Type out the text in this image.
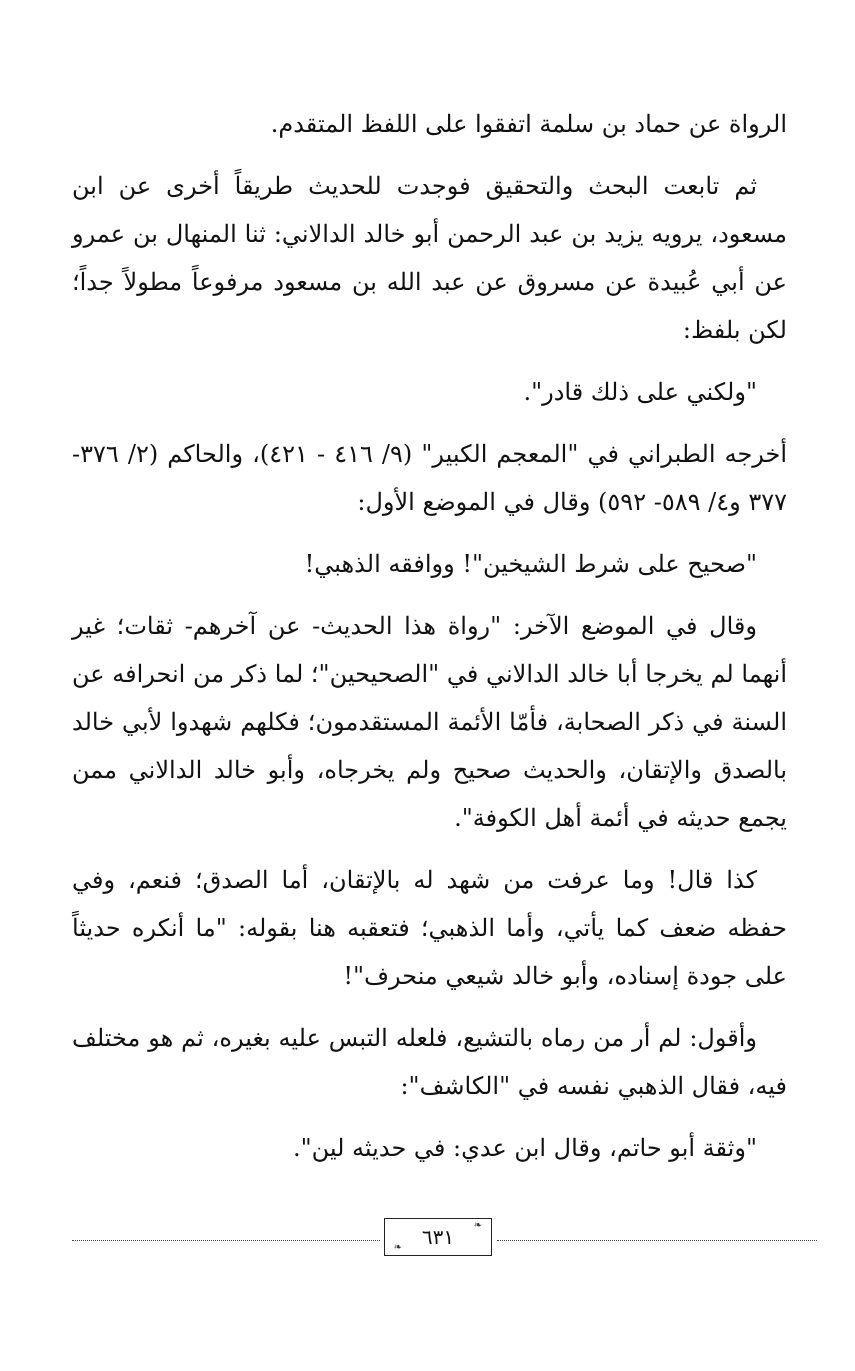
الرواة عن حماد بن سلمة اتفقوا على اللفظ المتقدم.

ثم تابعت البحث والتحقيق فوجدت للحديث طريقاً أخرى عن ابن مسعود، يرويه يزيد بن عبد الرحمن أبو خالد الدالاني: ثنا المنهال بن عمرو عن أبي عُبيدة عن مسروق عن عبد الله بن مسعود مرفوعاً مطولاً جداً؛ لكن بلفظ:

"ولكني على ذلك قادر".

أخرجه الطبراني في "المعجم الكبير" (٩/ ٤١٦ - ٤٢١)، والحاكم (٢/ ٣٧٦- ٣٧٧ و٤/ ٥٨٩- ٥٩٢) وقال في الموضع الأول:

"صحيح على شرط الشيخين"! ووافقه الذهبي!

وقال في الموضع الآخر: "رواة هذا الحديث- عن آخرهم- ثقات؛ غير أنهما لم يخرجا أبا خالد الدالاني في "الصحيحين"؛ لما ذكر من انحرافه عن السنة في ذكر الصحابة، فأمّا الأئمة المستقدمون؛ فكلهم شهدوا لأبي خالد بالصدق والإتقان، والحديث صحيح ولم يخرجاه، وأبو خالد الدالاني ممن يجمع حديثه في أئمة أهل الكوفة".

كذا قال! وما عرفت من شهد له بالإتقان، أما الصدق؛ فنعم، وفي حفظه ضعف كما يأتي، وأما الذهبي؛ فتعقبه هنا بقوله: "ما أنكره حديثاً على جودة إسناده، وأبو خالد شيعي منحرف"!

وأقول: لم أر من رماه بالتشيع، فلعله التبس عليه بغيره، ثم هو مختلف فيه، فقال الذهبي نفسه في "الكاشف":

"وثقة أبو حاتم، وقال ابن عدي: في حديثه لين".

❧
❧ ٦٣١
